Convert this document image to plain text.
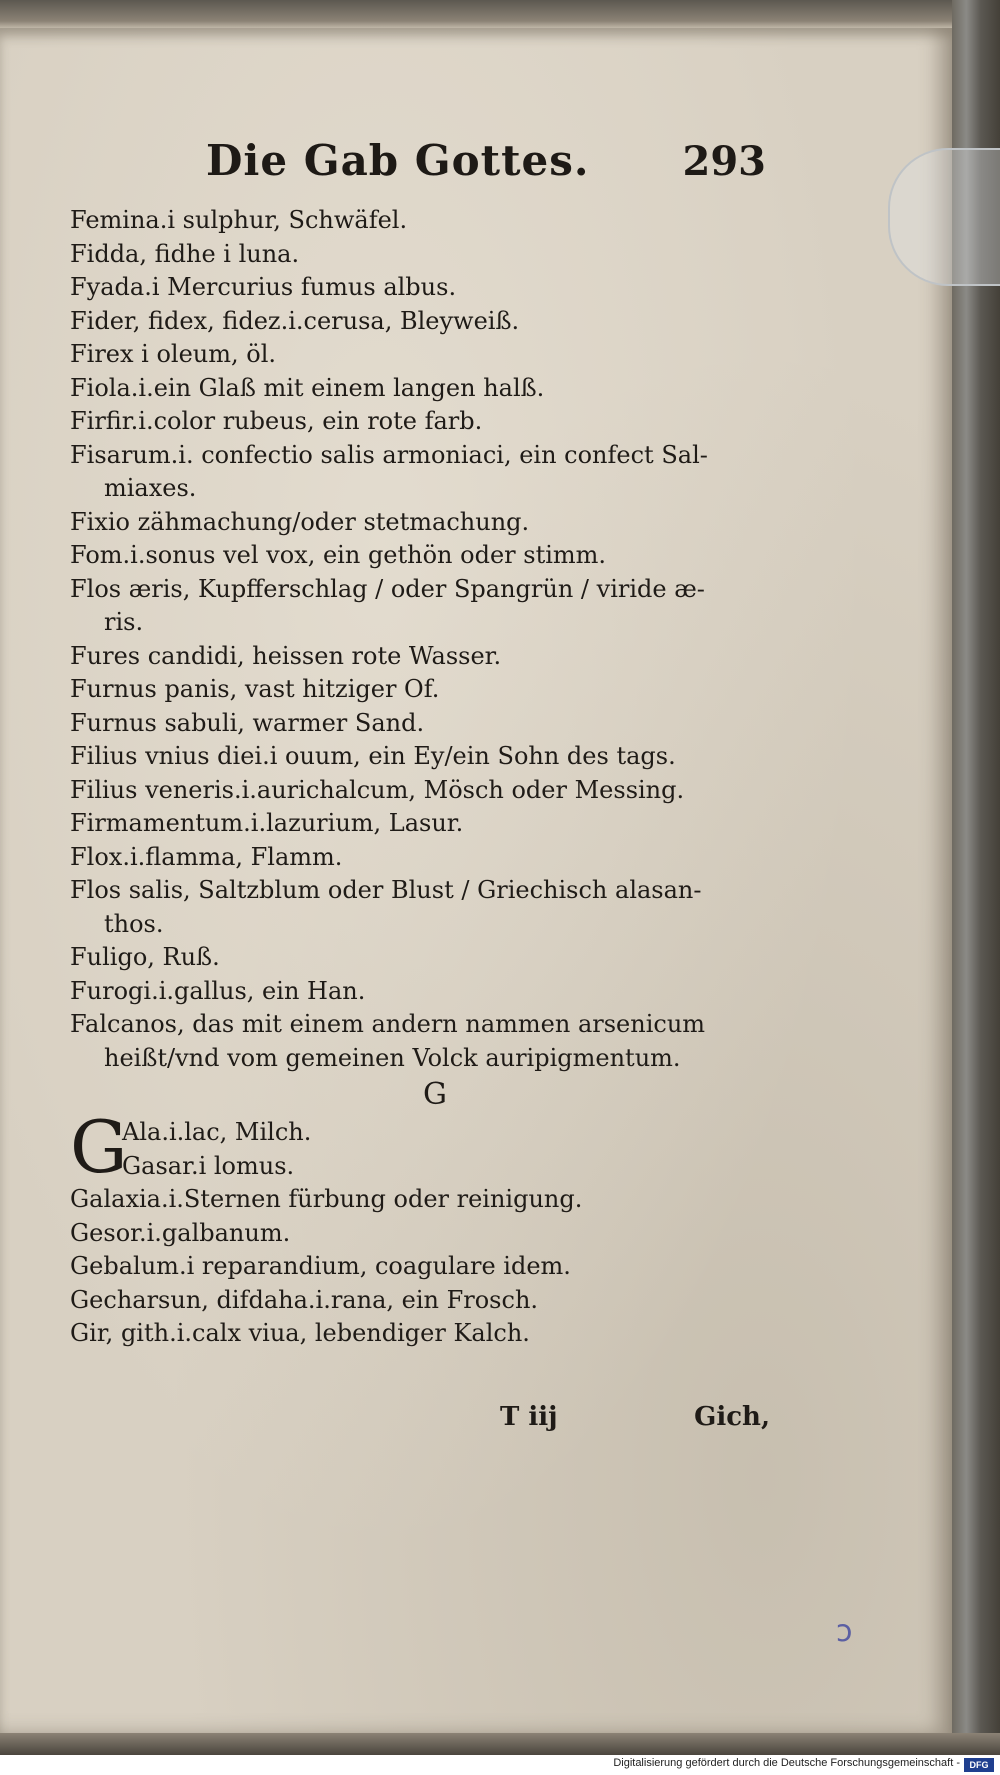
Die Gab Gottes. 293
Femina.i sulphur, Schwäfel.
Fidda, fidhe i luna.
Fyada.i Mercurius fumus albus.
Fider, fidex, fidez.i.cerusa, Bleyweiß.
Firex i oleum, öl.
Fiola.i.ein Glaß mit einem langen halß.
Firfir.i.color rubeus, ein rote farb.
Fisarum.i. confectio salis armoniaci, ein confect Sal-
miaxes.
Fixio zähmachung/oder stetmachung.
Fom.i.sonus vel vox, ein gethön oder stimm.
Flos æris, Kupfferschlag / oder Spangrün / viride æ-
ris.
Fures candidi, heissen rote Wasser.
Furnus panis, vast hitziger Of.
Furnus sabuli, warmer Sand.
Filius vnius diei.i ouum, ein Ey/ein Sohn des tags.
Filius veneris.i.aurichalcum, Mösch oder Messing.
Firmamentum.i.lazurium, Lasur.
Flox.i.flamma, Flamm.
Flos salis, Saltzblum oder Blust / Griechisch alasan-
thos.
Fuligo, Ruß.
Furogi.i.gallus, ein Han.
Falcanos, das mit einem andern nammen arsenicum
heißt/vnd vom gemeinen Volck auripigmentum.
G
G
Ala.i.lac, Milch.
Gasar.i lomus.
Galaxia.i.Sternen fürbung oder reinigung.
Gesor.i.galbanum.
Gebalum.i reparandium, coagulare idem.
Gecharsun, difdaha.i.rana, ein Frosch.
Gir, gith.i.calx viua, lebendiger Kalch.
T iij	Gich,
ↄ
Digitalisierung gefördert durch die Deutsche Forschungsgemeinschaft -	DFG
